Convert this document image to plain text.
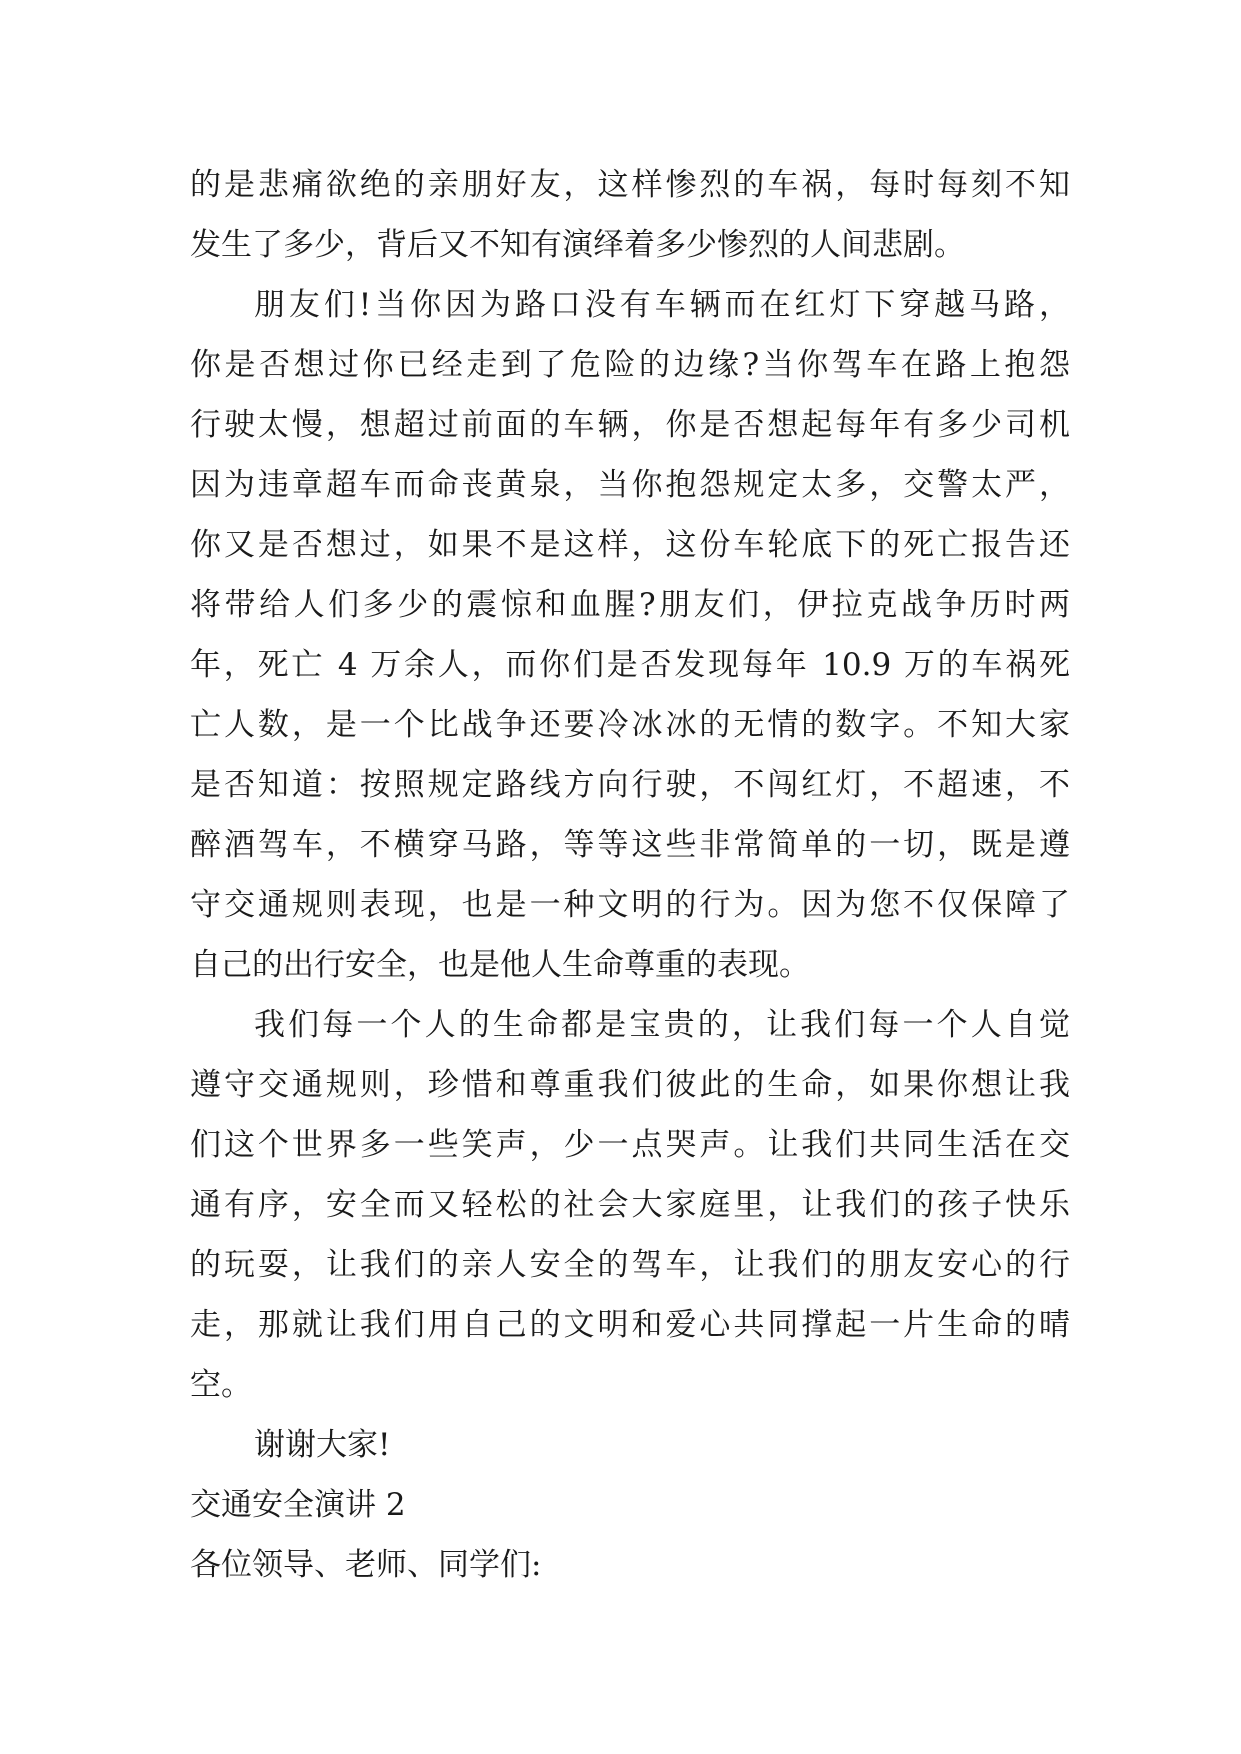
的是悲痛欲绝的亲朋好友，这样惨烈的车祸，每时每刻不知
发生了多少，背后又不知有演绎着多少惨烈的人间悲剧。
朋友们!当你因为路口没有车辆而在红灯下穿越马路，
你是否想过你已经走到了危险的边缘?当你驾车在路上抱怨
行驶太慢，想超过前面的车辆，你是否想起每年有多少司机
因为违章超车而命丧黄泉，当你抱怨规定太多，交警太严，
你又是否想过，如果不是这样，这份车轮底下的死亡报告还
将带给人们多少的震惊和血腥?朋友们，伊拉克战争历时两
年，死亡 4 万余人，而你们是否发现每年 10.9 万的车祸死
亡人数，是一个比战争还要冷冰冰的无情的数字。不知大家
是否知道：按照规定路线方向行驶，不闯红灯，不超速，不
醉酒驾车，不横穿马路，等等这些非常简单的一切，既是遵
守交通规则表现，也是一种文明的行为。因为您不仅保障了
自己的出行安全，也是他人生命尊重的表现。
我们每一个人的生命都是宝贵的，让我们每一个人自觉
遵守交通规则，珍惜和尊重我们彼此的生命，如果你想让我
们这个世界多一些笑声，少一点哭声。让我们共同生活在交
通有序，安全而又轻松的社会大家庭里，让我们的孩子快乐
的玩耍，让我们的亲人安全的驾车，让我们的朋友安心的行
走，那就让我们用自己的文明和爱心共同撑起一片生命的晴
空。
谢谢大家!
交通安全演讲 2
各位领导、老师、同学们:
